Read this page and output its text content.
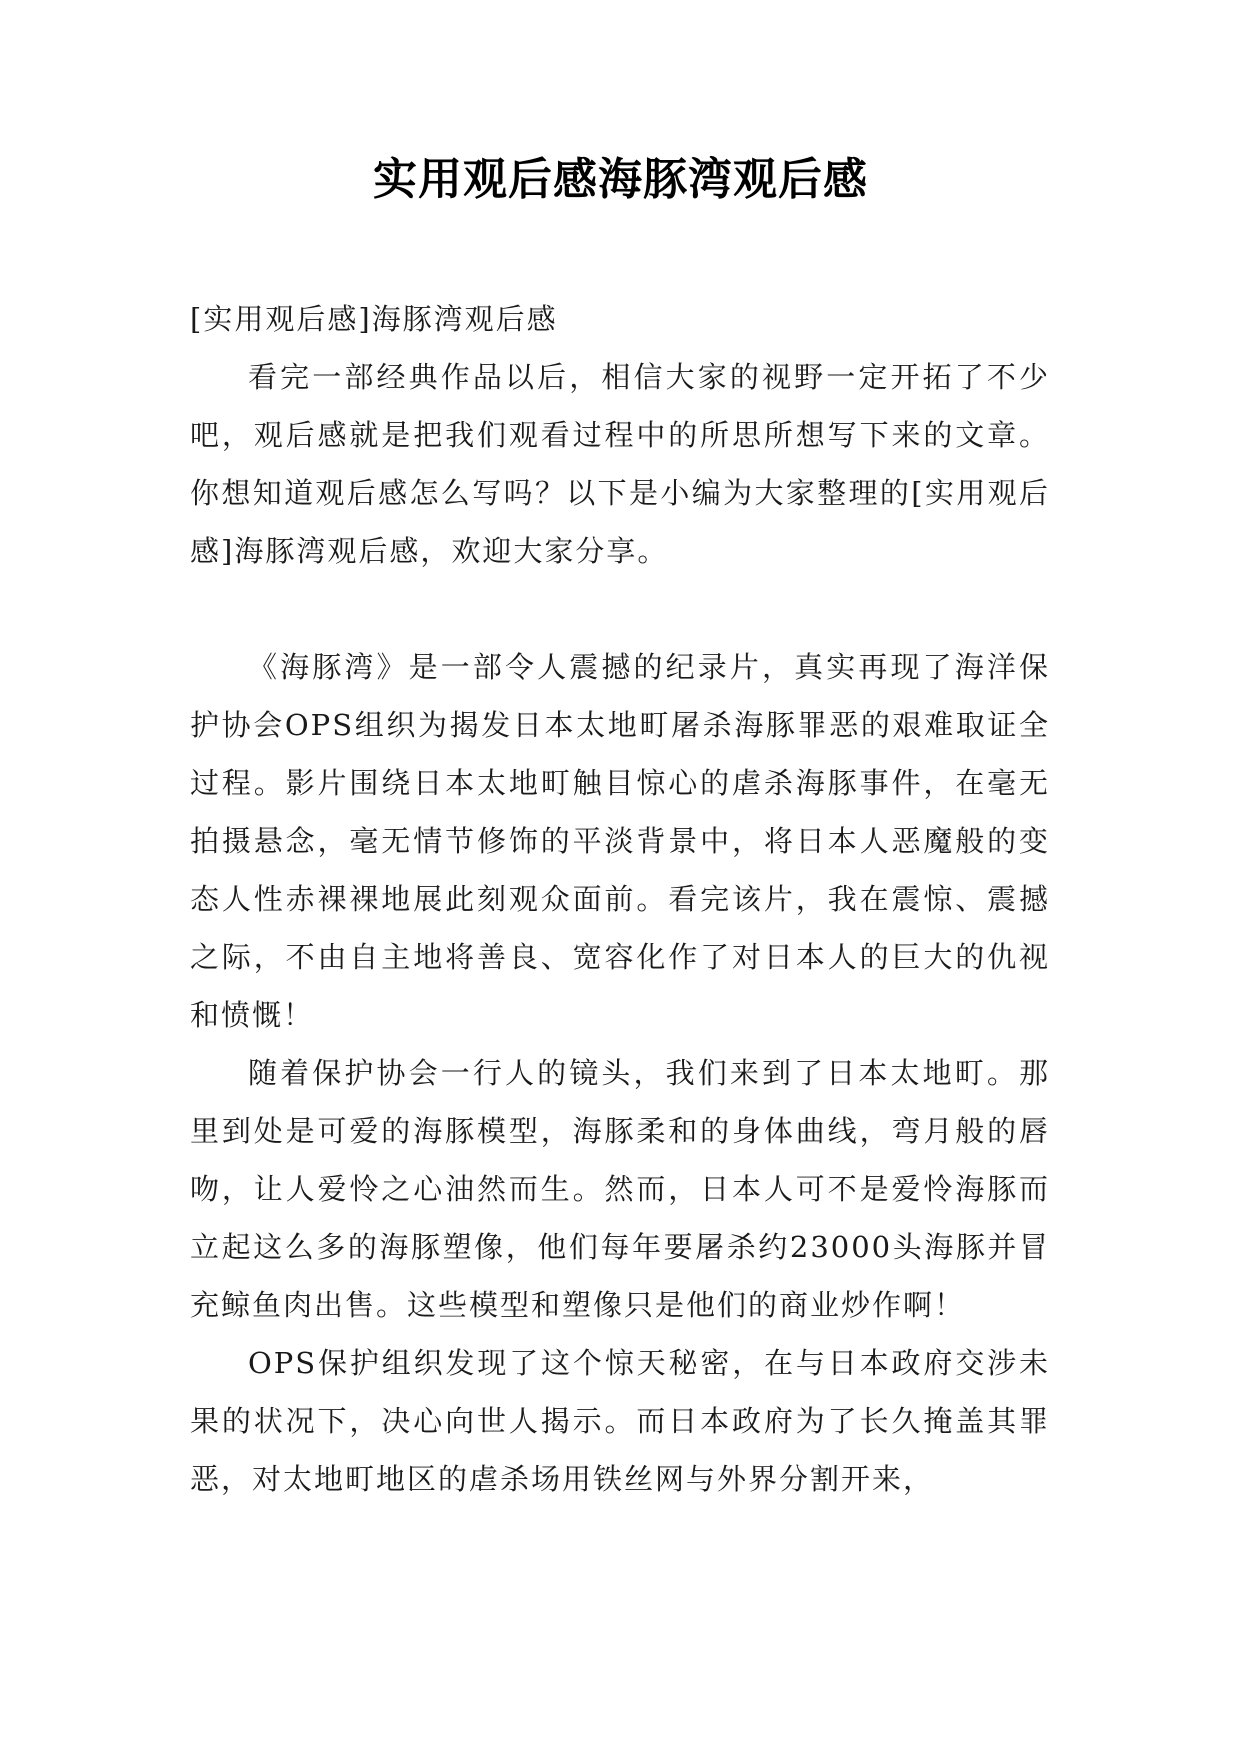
实用观后感海豚湾观后感

[实用观后感]海豚湾观后感

看完一部经典作品以后，相信大家的视野一定开拓了不少吧，观后感就是把我们观看过程中的所思所想写下来的文章。你想知道观后感怎么写吗？以下是小编为大家整理的[实用观后感]海豚湾观后感，欢迎大家分享。

《海豚湾》是一部令人震撼的纪录片，真实再现了海洋保护协会OPS组织为揭发日本太地町屠杀海豚罪恶的艰难取证全过程。影片围绕日本太地町触目惊心的虐杀海豚事件，在毫无拍摄悬念，毫无情节修饰的平淡背景中，将日本人恶魔般的变态人性赤裸裸地展此刻观众面前。看完该片，我在震惊、震撼之际，不由自主地将善良、宽容化作了对日本人的巨大的仇视和愤慨！

随着保护协会一行人的镜头，我们来到了日本太地町。那里到处是可爱的海豚模型，海豚柔和的身体曲线，弯月般的唇吻，让人爱怜之心油然而生。然而，日本人可不是爱怜海豚而立起这么多的海豚塑像，他们每年要屠杀约23000头海豚并冒充鲸鱼肉出售。这些模型和塑像只是他们的商业炒作啊！

OPS保护组织发现了这个惊天秘密，在与日本政府交涉未果的状况下，决心向世人揭示。而日本政府为了长久掩盖其罪恶，对太地町地区的虐杀场用铁丝网与外界分割开来，
